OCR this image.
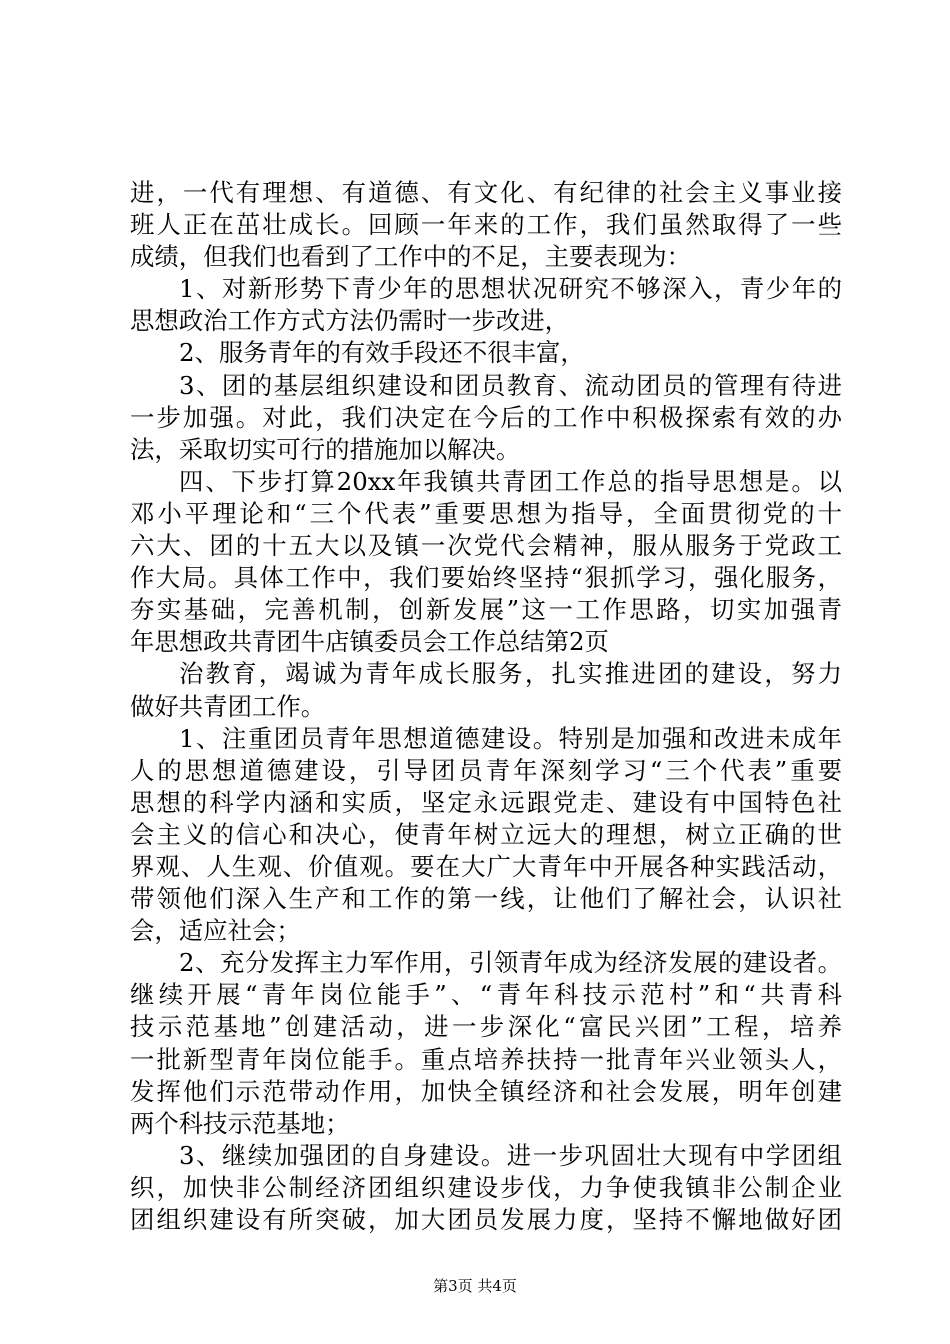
进，一代有理想、有道德、有文化、有纪律的社会主义事业接
班人正在茁壮成长。回顾一年来的工作，我们虽然取得了一些
成绩，但我们也看到了工作中的不足，主要表现为：
1、对新形势下青少年的思想状况研究不够深入，青少年的
思想政治工作方式方法仍需时一步改进，
2、服务青年的有效手段还不很丰富，
3、团的基层组织建设和团员教育、流动团员的管理有待进
一步加强。对此，我们决定在今后的工作中积极探索有效的办
法，采取切实可行的措施加以解决。
四、下步打算20xx年我镇共青团工作总的指导思想是。以
邓小平理论和“三个代表”重要思想为指导，全面贯彻党的十
六大、团的十五大以及镇一次党代会精神，服从服务于党政工
作大局。具体工作中，我们要始终坚持“狠抓学习，强化服务，
夯实基础，完善机制，创新发展”这一工作思路，切实加强青
年思想政共青团牛店镇委员会工作总结第2页
治教育，竭诚为青年成长服务，扎实推进团的建设，努力
做好共青团工作。
1、注重团员青年思想道德建设。特别是加强和改进未成年
人的思想道德建设，引导团员青年深刻学习“三个代表”重要
思想的科学内涵和实质，坚定永远跟党走、建设有中国特色社
会主义的信心和决心，使青年树立远大的理想，树立正确的世
界观、人生观、价值观。要在大广大青年中开展各种实践活动，
带领他们深入生产和工作的第一线，让他们了解社会，认识社
会，适应社会；
2、充分发挥主力军作用，引领青年成为经济发展的建设者。
继续开展“青年岗位能手”、“青年科技示范村”和“共青科
技示范基地”创建活动，进一步深化“富民兴团”工程，培养
一批新型青年岗位能手。重点培养扶持一批青年兴业领头人，
发挥他们示范带动作用，加快全镇经济和社会发展，明年创建
两个科技示范基地；
3、继续加强团的自身建设。进一步巩固壮大现有中学团组
织，加快非公制经济团组织建设步伐，力争使我镇非公制企业
团组织建设有所突破，加大团员发展力度，坚持不懈地做好团
第3页 共4页
